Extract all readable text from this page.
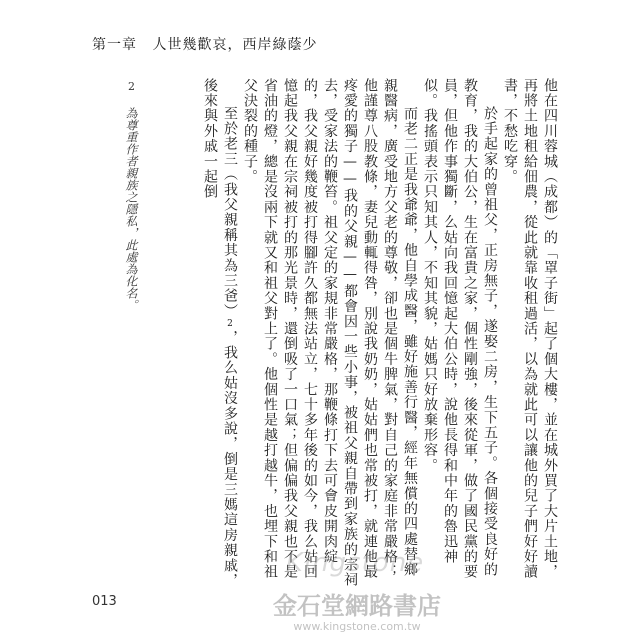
第一章 人世幾歡哀，西岸綠蔭少
2 為尊重作者親族之隱私，此處為化名。	他在四川蓉城（成都）的「罩子街」起了個大樓，並在城外買了大片土地，再將土地租給佃農，從此就靠收租過活，以為就此可以讓他的兒子們好好讀書，不愁吃穿。

於手起家的曾祖父，正房無子，遂娶二房，生下五子。各個接受良好的教育，我的大伯公，生在富貴之家，個性剛強，後來從軍，做了國民黨的要員，但他作事獨斷，么姑向我回憶起大伯公時，說他長得和中年的魯迅神似。我搖頭表示只知其人，不知其貌，姑媽只好放棄形容。

而老二正是我爺爺，他自學成醫，雖好施善行醫，經年無償的四處替鄉親醫病，廣受地方父老的尊敬，卻也是個牛脾氣，對自己的家庭非常嚴格；他謹尊八股教條，妻兒動輒得咎，別說我奶奶，姑姑們也常被打，就連他最疼愛的獨子——我的父親——都會因一些小事，被祖父親自帶到家族的宗祠去，受家法的鞭笞。祖父定的家規非常嚴格，那鞭條打下去可會皮開肉綻的，我父親好幾度被打得腳許久都無法站立，七十多年後的如今，我么姑回憶起我父親在宗祠被打的那光景時，還倒吸了一口氣；但偏偏我父親也不是省油的燈，總是沒兩下就又和祖父對上了。他個性是越打越牛，也埋下和祖父決裂的種子。

至於老三（我父親稱其為三爸）2，我么姑沒多說，倒是三媽這房親戚，後來與外戚一起倒

013
Kingstone
金石堂網路書店
www.kingstone.com.tw
